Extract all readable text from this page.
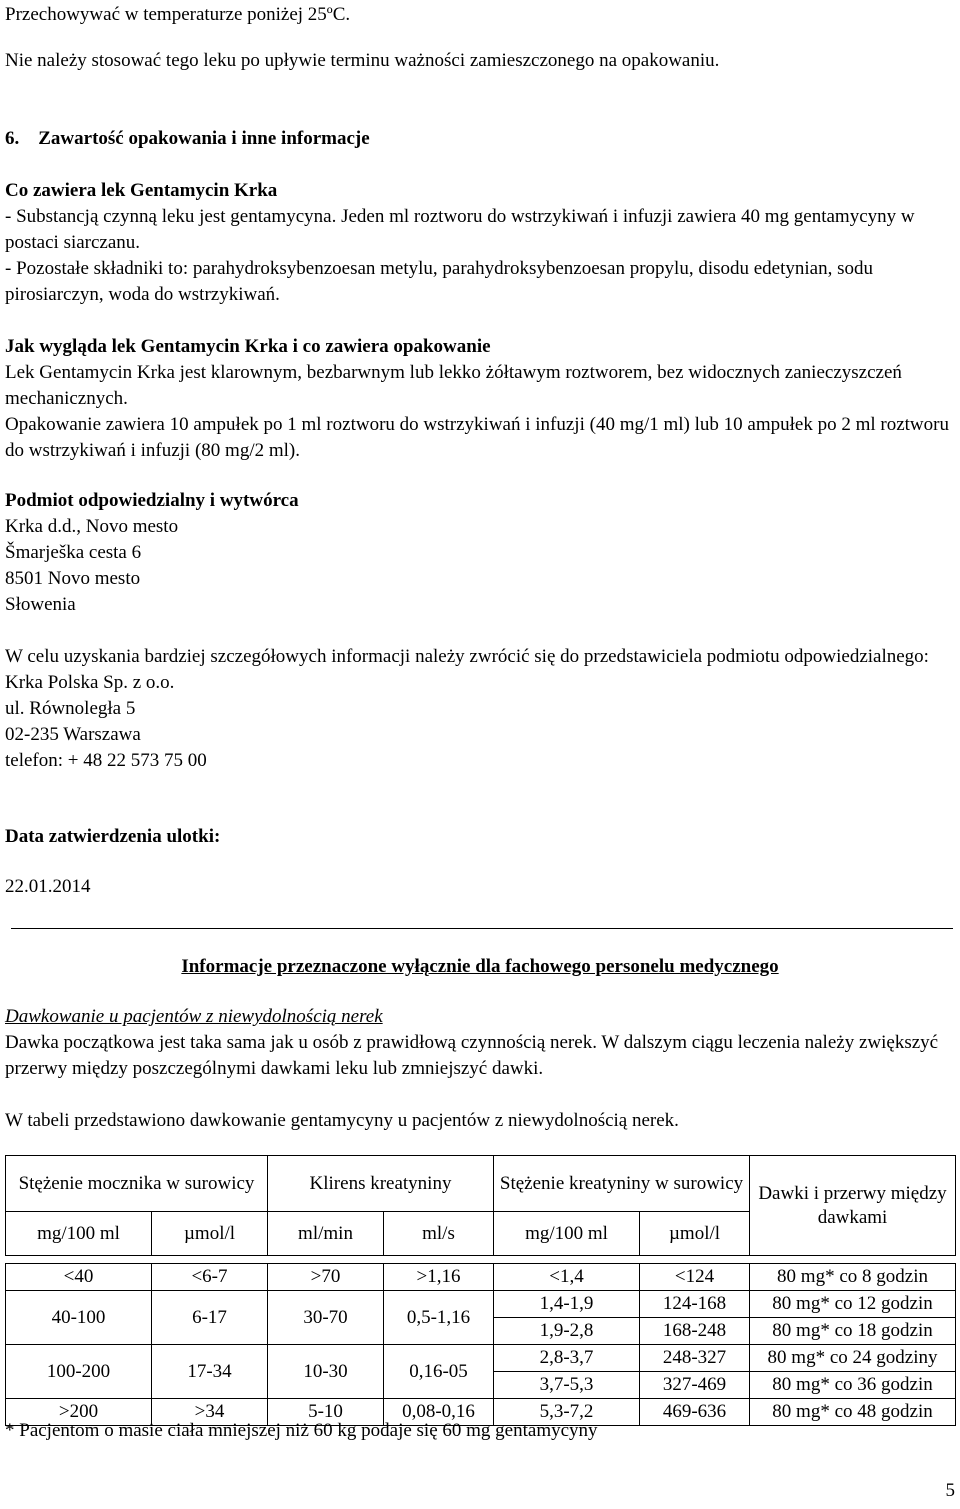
Przechowywać w temperaturze poniżej 25ºC.

Nie należy stosować tego leku po upływie terminu ważności zamieszczonego na opakowaniu.

6.    Zawartość opakowania i inne informacje

Co zawiera lek Gentamycin Krka

- Substancją czynną leku jest gentamycyna. Jeden ml roztworu do wstrzykiwań i infuzji zawiera 40 mg gentamycyny w postaci siarczanu.

- Pozostałe składniki to: parahydroksybenzoesan metylu, parahydroksybenzoesan propylu, disodu edetynian, sodu pirosiarczyn, woda do wstrzykiwań.

Jak wygląda lek Gentamycin Krka i co zawiera opakowanie

Lek Gentamycin Krka jest klarownym, bezbarwnym lub lekko żółtawym roztworem, bez widocznych zanieczyszczeń mechanicznych.

Opakowanie zawiera 10 ampułek po 1 ml roztworu do wstrzykiwań i infuzji (40 mg/1 ml) lub 10 ampułek po 2 ml roztworu do wstrzykiwań i infuzji (80 mg/2 ml).

Podmiot odpowiedzialny i wytwórca

Krka d.d., Novo mesto

Šmarješka cesta 6

8501 Novo mesto

Słowenia

W celu uzyskania bardziej szczegółowych informacji należy zwrócić się do przedstawiciela podmiotu odpowiedzialnego:

Krka Polska Sp. z o.o.

ul. Równoległa 5

02-235 Warszawa

telefon: + 48 22 573 75 00

Data zatwierdzenia ulotki:

22.01.2014

Informacje przeznaczone wyłącznie dla fachowego personelu medycznego

Dawkowanie u pacjentów z niewydolnością nerek

Dawka początkowa jest taka sama jak u osób z prawidłową czynnością nerek. W dalszym ciągu leczenia należy zwiększyć przerwy między poszczególnymi dawkami leku lub zmniejszyć dawki.

W tabeli przedstawiono dawkowanie gentamycyny u pacjentów z niewydolnością nerek.

Stężenie mocznika w surowicy		Klirens kreatyniny		Stężenie kreatyniny w surowicy		Dawki i przerwy między dawkami
mg/100 ml	µmol/l	ml/min	ml/s	mg/100 ml	µmol/l	

<40	<6-7	>70	>1,16	<1,4	<124	80 mg* co 8 godzin
40-100	6-17	30-70	0,5-1,16	1,4-1,9	124-168	80 mg* co 12 godzin
				1,9-2,8	168-248	80 mg* co 18 godzin
100-200	17-34	10-30	0,16-05	2,8-3,7	248-327	80 mg* co 24 godziny
				3,7-5,3	327-469	80 mg* co 36 godzin
>200	>34	5-10	0,08-0,16	5,3-7,2	469-636	80 mg* co 48 godzin

* Pacjentom o masie ciała mniejszej niż 60 kg podaje się 60 mg gentamycyny

5
